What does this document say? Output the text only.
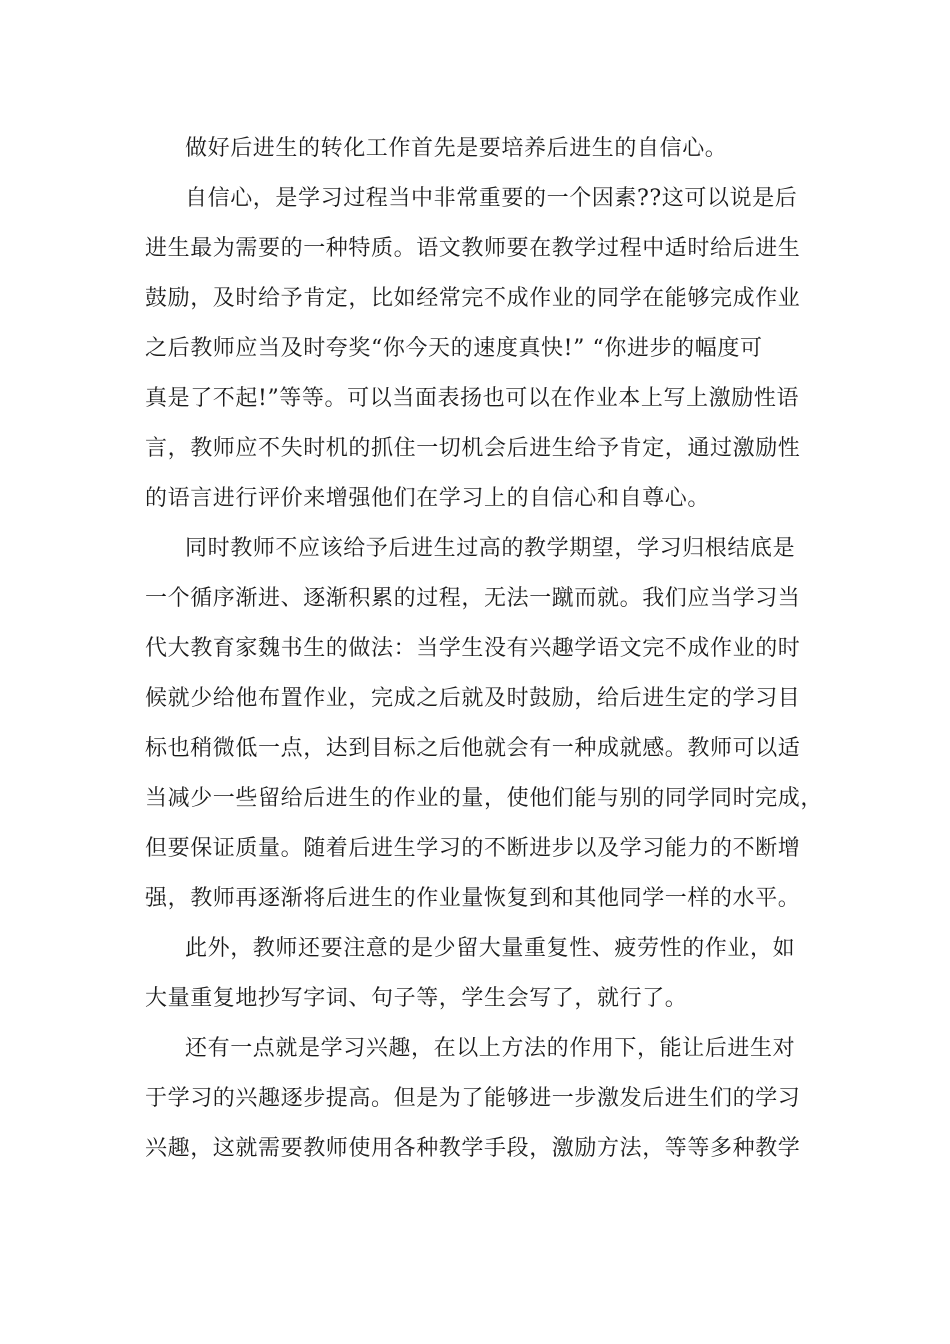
做好后进生的转化工作首先是要培养后进生的自信心。
自信心，是学习过程当中非常重要的一个因素??这可以说是后
进生最为需要的一种特质。语文教师要在教学过程中适时给后进生
鼓励，及时给予肯定，比如经常完不成作业的同学在能够完成作业
之后教师应当及时夸奖“你今天的速度真快!” “你进步的幅度可
真是了不起!”等等。可以当面表扬也可以在作业本上写上激励性语
言，教师应不失时机的抓住一切机会后进生给予肯定，通过激励性
的语言进行评价来增强他们在学习上的自信心和自尊心。
同时教师不应该给予后进生过高的教学期望，学习归根结底是
一个循序渐进、逐渐积累的过程，无法一蹴而就。我们应当学习当
代大教育家魏书生的做法：当学生没有兴趣学语文完不成作业的时
候就少给他布置作业，完成之后就及时鼓励，给后进生定的学习目
标也稍微低一点，达到目标之后他就会有一种成就感。教师可以适
当减少一些留给后进生的作业的量，使他们能与别的同学同时完成，
但要保证质量。随着后进生学习的不断进步以及学习能力的不断增
强，教师再逐渐将后进生的作业量恢复到和其他同学一样的水平。
此外，教师还要注意的是少留大量重复性、疲劳性的作业，如
大量重复地抄写字词、句子等，学生会写了，就行了。
还有一点就是学习兴趣，在以上方法的作用下，能让后进生对
于学习的兴趣逐步提高。但是为了能够进一步激发后进生们的学习
兴趣，这就需要教师使用各种教学手段，激励方法，等等多种教学
